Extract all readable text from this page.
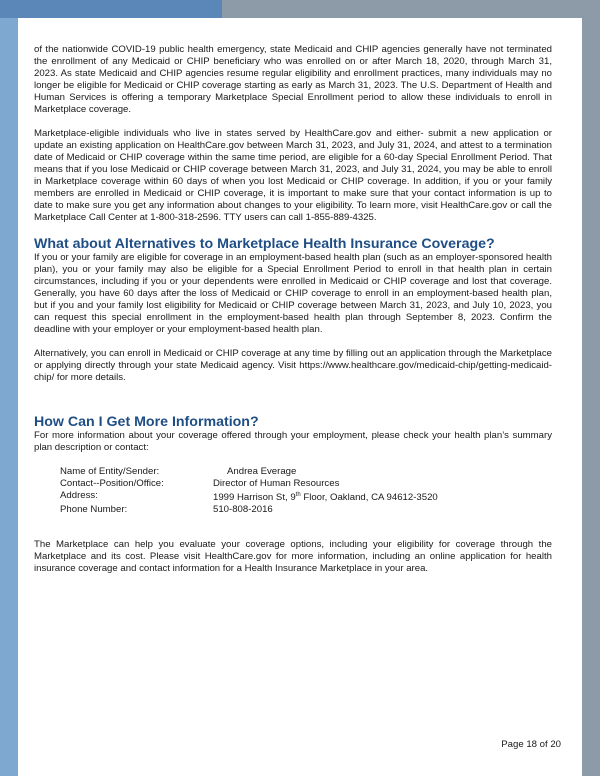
of the nationwide COVID-19 public health emergency, state Medicaid and CHIP agencies generally have not terminated the enrollment of any Medicaid or CHIP beneficiary who was enrolled on or after March 18, 2020, through March 31, 2023. As state Medicaid and CHIP agencies resume regular eligibility and enrollment practices, many individuals may no longer be eligible for Medicaid or CHIP coverage starting as early as March 31, 2023. The U.S. Department of Health and Human Services is offering a temporary Marketplace Special Enrollment period to allow these individuals to enroll in Marketplace coverage.

Marketplace-eligible individuals who live in states served by HealthCare.gov and either- submit a new application or update an existing application on HealthCare.gov between March 31, 2023, and July 31, 2024, and attest to a termination date of Medicaid or CHIP coverage within the same time period, are eligible for a 60-day Special Enrollment Period. That means that if you lose Medicaid or CHIP coverage between March 31, 2023, and July 31, 2024, you may be able to enroll in Marketplace coverage within 60 days of when you lost Medicaid or CHIP coverage. In addition, if you or your family members are enrolled in Medicaid or CHIP coverage, it is important to make sure that your contact information is up to date to make sure you get any information about changes to your eligibility. To learn more, visit HealthCare.gov or call the Marketplace Call Center at 1-800-318-2596. TTY users can call 1-855-889-4325.

What about Alternatives to Marketplace Health Insurance Coverage?

If you or your family are eligible for coverage in an employment-based health plan (such as an employer-sponsored health plan), you or your family may also be eligible for a Special Enrollment Period to enroll in that health plan in certain circumstances, including if you or your dependents were enrolled in Medicaid or CHIP coverage and lost that coverage. Generally, you have 60 days after the loss of Medicaid or CHIP coverage to enroll in an employment-based health plan, but if you and your family lost eligibility for Medicaid or CHIP coverage between March 31, 2023, and July 10, 2023, you can request this special enrollment in the employment-based health plan through September 8, 2023. Confirm the deadline with your employer or your employment-based health plan.

Alternatively, you can enroll in Medicaid or CHIP coverage at any time by filling out an application through the Marketplace or applying directly through your state Medicaid agency. Visit https://www.healthcare.gov/medicaid-chip/getting-medicaid-chip/ for more details.

How Can I Get More Information?

For more information about your coverage offered through your employment, please check your health plan’s summary plan description or contact:

Name of Entity/Sender:	Andrea Everage
Contact--Position/Office:	Director of Human Resources
Address:	1999 Harrison St, 9th Floor, Oakland, CA 94612-3520
Phone Number:	510-808-2016

The Marketplace can help you evaluate your coverage options, including your eligibility for coverage through the Marketplace and its cost. Please visit HealthCare.gov for more information, including an online application for health insurance coverage and contact information for a Health Insurance Marketplace in your area.

Page 18 of 20
